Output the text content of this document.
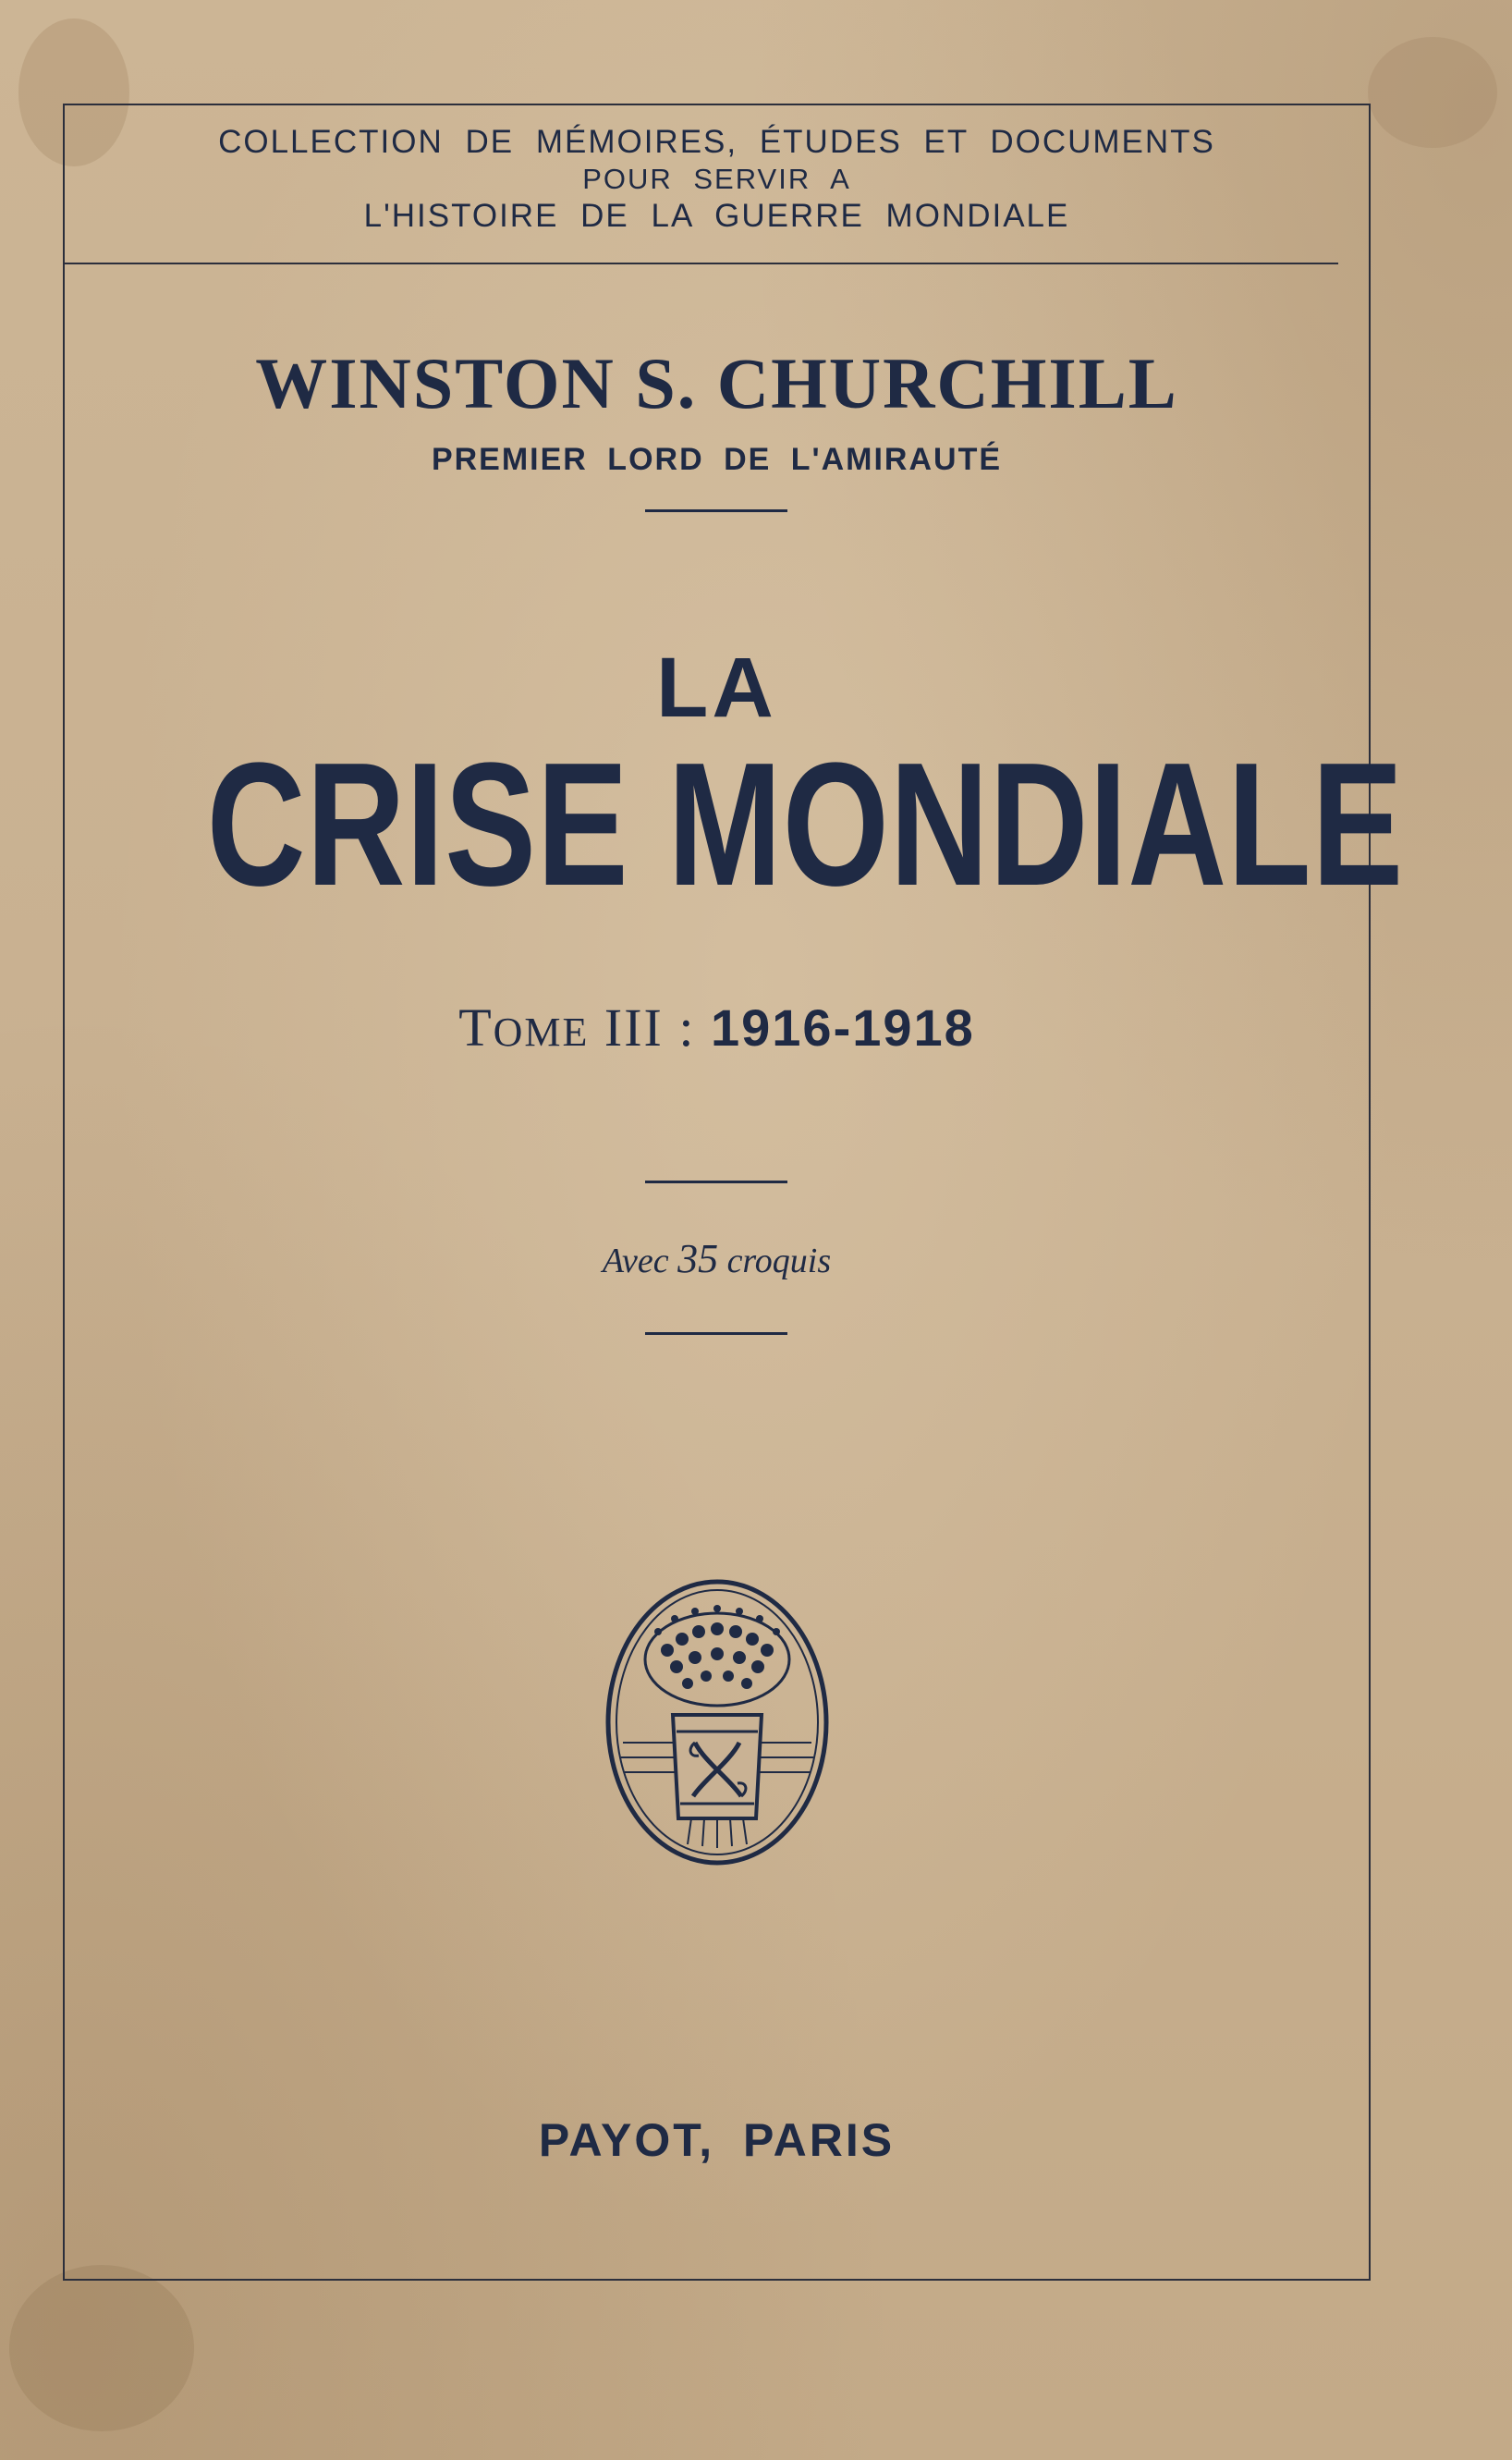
COLLECTION DE MÉMOIRES, ÉTUDES ET DOCUMENTS
POUR SERVIR A
L'HISTOIRE DE LA GUERRE MONDIALE
WINSTON S. CHURCHILL
PREMIER LORD DE L'AMIRAUTÉ
LA
CRISE MONDIALE
TOME III : 1916-1918
Avec 35 croquis
PAYOT, PARIS
